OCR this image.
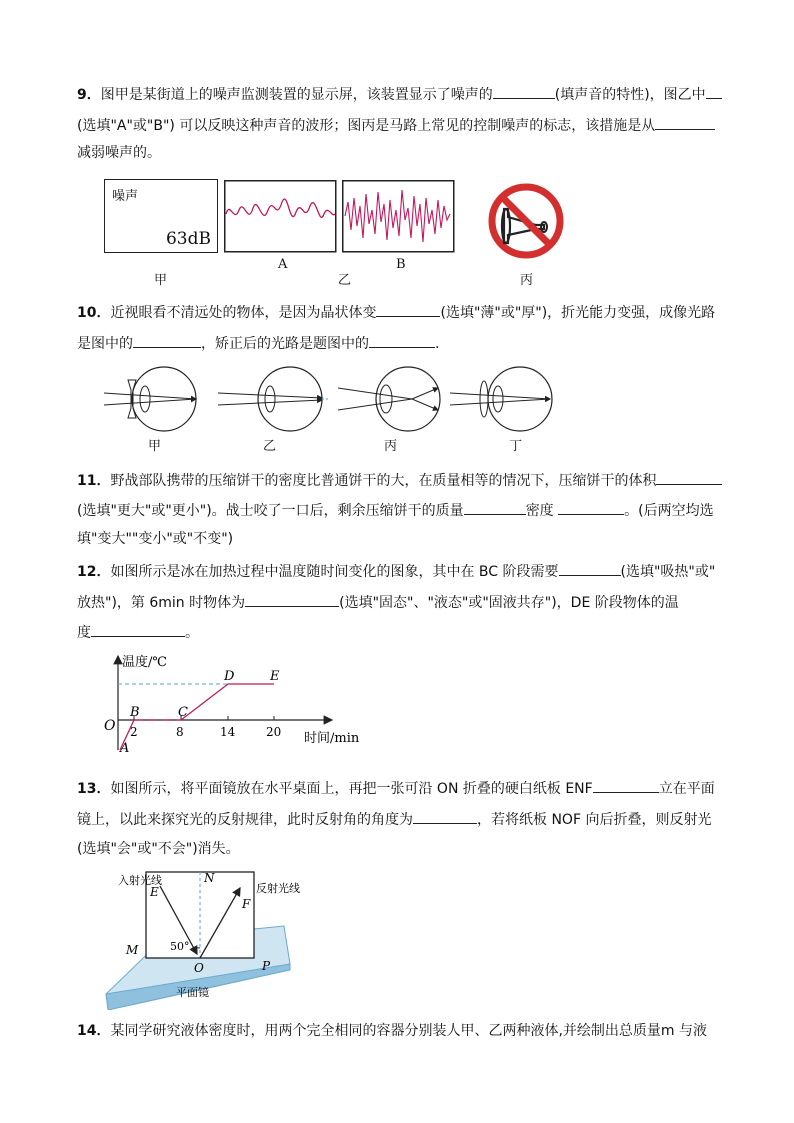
9．图甲是某街道上的噪声监测装置的显示屏，该装置显示了噪声的	(填声音的特性)，图乙中
(选填"A"或"B") 可以反映这种声音的波形；图丙是马路上常见的控制噪声的标志，该措施是从
减弱噪声的。
噪声
63dB
甲
A
乙
B
丙
10．近视眼看不清远处的物体，是因为晶状体变	(选填"薄"或"厚")，折光能力变强，成像光路
是图中的	，矫正后的光路是题图中的	.
甲	乙	丙	丁
11．野战部队携带的压缩饼干的密度比普通饼干的大，在质量相等的情况下，压缩饼干的体积
(选填"更大"或"更小")。战士咬了一口后，剩余压缩饼干的质量	密度	。(后两空均选
填"变大""变小"或"不变")
12．如图所示是冰在加热过程中温度随时间变化的图象，其中在 BC 阶段需要	(选填"吸热"或"
放热")，第 6min 时物体为	(选填"固态"、"液态"或"固液共存")，DE 阶段物体的温
度	。
温度/℃
时间/min
O 2	8	14	20
A
B	C
D	E
13．如图所示，将平面镜放在水平桌面上，再把一张可沿 ON 折叠的硬白纸板 ENF	立在平面
镜上，以此来探究光的反射规律，此时反射角的角度为	，若将纸板 NOF 向后折叠，则反射光
(选填"会"或"不会")消失。
50°
入射光线
反射光线
E
N
F
M
O	P
平面镜
14．某同学研究液体密度时，用两个完全相同的容器分别装人甲、乙两种液体,并绘制出总质量m 与液
